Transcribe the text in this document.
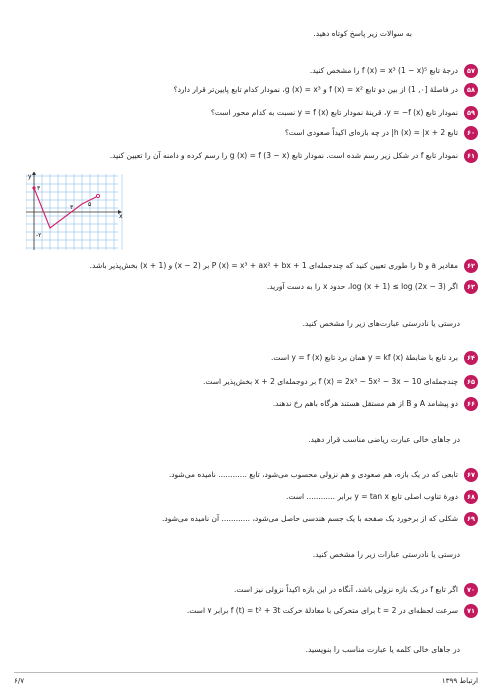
به سوالات زیر پاسخ کوتاه دهید.
۵۷
درجهٔ تابع f (x) = x³ (1 − x)⁵ را مشخص کنید.
۵۸
در فاصلهٔ [۰, 1) از بین دو تابع f (x) = x² و g (x) = x³، نمودار کدام تابع پایین‌تر قرار دارد؟
۵۹
نمودار تابع y = −f (x)، قرینهٔ نمودار تابع y = f (x) نسبت به کدام محور است؟
۶۰
تابع h (x) = |x + 2| در چه بازه‌ای اکیداً صعودی است؟
۶۱
نمودار تابع f در شکل زیر رسم شده است. نمودار تابع g (x) = f (3 − x) را رسم کرده و دامنه آن را تعیین کنید.
x
y
۳
-۲
۳ ۵
۶۲
مقادیر a و b را طوری تعیین کنید که چندجمله‌ای P (x) = x³ + ax² + bx + 1 بر (x − 2) و (x + 1) بخش‌پذیر باشد.
۶۳
اگر log (x + 1) ≤ log (2x − 3)، حدود x را به دست آورید.
درستی یا نادرستی عبارت‌های زیر را مشخص کنید.
۶۴
برد تابع با ضابطهٔ y = kf (x) همان برد تابع y = f (x) است.
۶۵
چندجمله‌ای f (x) = 2x³ − 5x² − 3x − 10 بر دوجمله‌ای x + 2 بخش‌پذیر است.
۶۶
دو پیشامد A و B از هم مستقل هستند هرگاه باهم رخ ندهند.
در جاهای خالی عبارت ریاضی مناسب قرار دهید.
۶۷
تابعی که در یک بازه، هم صعودی و هم نزولی محسوب می‌شود، تابع ............ نامیده می‌شود.
۶۸
دورهٔ تناوب اصلی تابع y = tan x برابر ............ است.
۶۹
شکلی که از برخورد یک صفحه با یک جسم هندسی حاصل می‌شود، ............ آن نامیده می‌شود.
درستی یا نادرستی عبارات زیر را مشخص کنید.
۷۰
اگر تابع f در یک بازه نزولی باشد، آنگاه در این بازه اکیداً نزولی نیز است.
۷۱
سرعت لحظه‌ای در t = 2 برای متحرکی با معادلهٔ حرکت f (t) = t² + 3t برابر ۷ است.
در جاهای خالی کلمه یا عبارت مناسب را بنویسید.
ارتباط ۱۳۹۹
۶/۷
